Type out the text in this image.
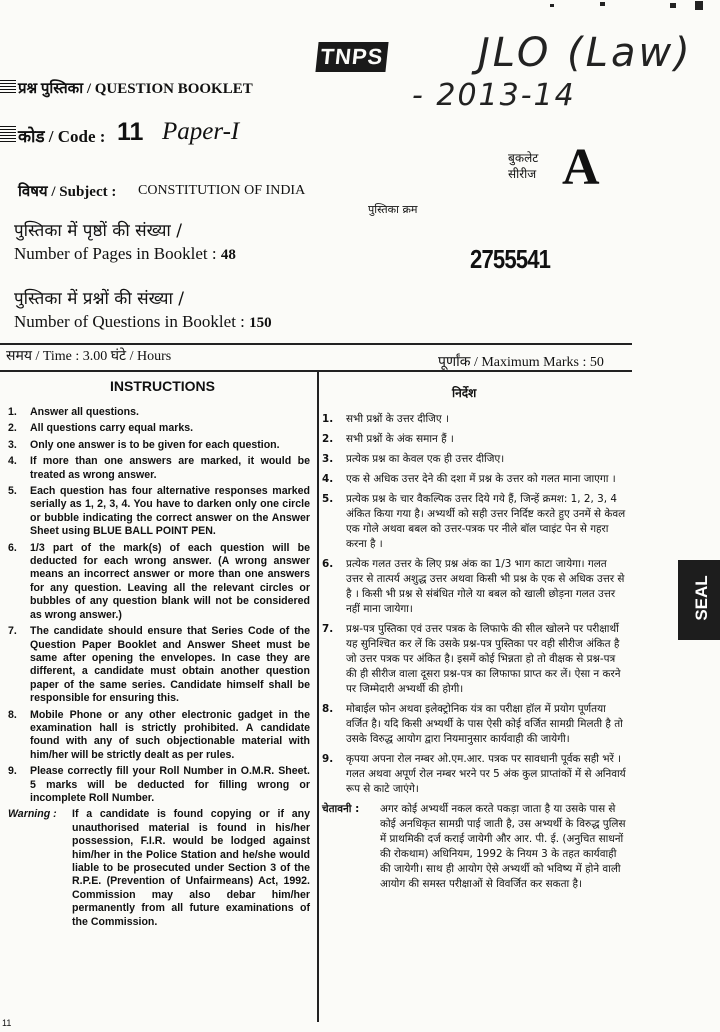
TNPS JLO (Law)
- 2013-14
प्रश्न पुस्तिका / QUESTION BOOKLET
कोड / Code : 11 Paper-I
बुकलेट सीरीज A
विषय / Subject : CONSTITUTION OF INDIA
पुस्तिका क्रम
2755541
पुस्तिका में पृष्ठों की संख्या /
Number of Pages in Booklet : 48
पुस्तिका में प्रश्नों की संख्या /
Number of Questions in Booklet : 150
समय / Time : 3.00 घंटे / Hours	पूर्णांक / Maximum Marks : 50
INSTRUCTIONS
1.	Answer all questions.
2.	All questions carry equal marks.
3.	Only one answer is to be given for each question.
4.	If more than one answers are marked, it would be treated as wrong answer.
5.	Each question has four alternative responses marked serially as 1, 2, 3, 4. You have to darken only one circle or bubble indicating the correct answer on the Answer Sheet using BLUE BALL POINT PEN.
6.	1/3 part of the mark(s) of each question will be deducted for each wrong answer. (A wrong answer means an incorrect answer or more than one answers for any question. Leaving all the relevant circles or bubbles of any question blank will not be considered as wrong answer.)
7.	The candidate should ensure that Series Code of the Question Paper Booklet and Answer Sheet must be same after opening the envelopes. In case they are different, a candidate must obtain another question paper of the same series. Candidate himself shall be responsible for ensuring this.
8.	Mobile Phone or any other electronic gadget in the examination hall is strictly prohibited. A candidate found with any of such objectionable material with him/her will be strictly dealt as per rules.
9.	Please correctly fill your Roll Number in O.M.R. Sheet. 5 marks will be deducted for filling wrong or incomplete Roll Number.
Warning :	If a candidate is found copying or if any unauthorised material is found in his/her possession, F.I.R. would be lodged against him/her in the Police Station and he/she would liable to be prosecuted under Section 3 of the R.P.E. (Prevention of Unfairmeans) Act, 1992. Commission may also debar him/her permanently from all future examinations of the Commission.
निर्देश
1.	सभी प्रश्नों के उत्तर दीजिए ।
2.	सभी प्रश्नों के अंक समान हैं ।
3.	प्रत्येक प्रश्न का केवल एक ही उत्तर दीजिए।
4.	एक से अधिक उत्तर देने की दशा में प्रश्न के उत्तर को गलत माना जाएगा ।
5.	प्रत्येक प्रश्न के चार वैकल्पिक उत्तर दिये गये हैं, जिन्हें क्रमश: 1, 2, 3, 4 अंकित किया गया है। अभ्यर्थी को सही उत्तर निर्दिष्ट करते हुए उनमें से केवल एक गोले अथवा बबल को उत्तर-पत्रक पर नीले बॉल प्वाइंट पेन से गहरा करना है ।
6.	प्रत्येक गलत उत्तर के लिए प्रश्न अंक का 1/3 भाग काटा जायेगा। गलत उत्तर से तात्पर्य अशुद्ध उत्तर अथवा किसी भी प्रश्न के एक से अधिक उत्तर से है । किसी भी प्रश्न से संबंधित गोले या बबल को खाली छोड़ना गलत उत्तर नहीं माना जायेगा।
7.	प्रश्न-पत्र पुस्तिका एवं उत्तर पत्रक के लिफाफे की सील खोलने पर परीक्षार्थी यह सुनिश्चित कर लें कि उसके प्रश्न-पत्र पुस्तिका पर वही सीरीज अंकित है जो उत्तर पत्रक पर अंकित है। इसमें कोई भिन्नता हो तो वीक्षक से प्रश्न-पत्र की ही सीरीज वाला दूसरा प्रश्न-पत्र का लिफाफा प्राप्त कर लें। ऐसा न करने पर जिम्मेदारी अभ्यर्थी की होगी।
8.	मोबाईल फोन अथवा इलेक्ट्रोनिक यंत्र का परीक्षा हॉल में प्रयोग पूर्णतया वर्जित है। यदि किसी अभ्यर्थी के पास ऐसी कोई वर्जित सामग्री मिलती है तो उसके विरुद्ध आयोग द्वारा नियमानुसार कार्यवाही की जायेगी।
9.	कृपया अपना रोल नम्बर ओ.एम.आर. पत्रक पर सावधानी पूर्वक सही भरें । गलत अथवा अपूर्ण रोल नम्बर भरने पर 5 अंक कुल प्राप्तांकों में से अनिवार्य रूप से काटे जाएंगे।
चेतावनी :	अगर कोई अभ्यर्थी नकल करते पकड़ा जाता है या उसके पास से कोई अनधिकृत सामग्री पाई जाती है, उस अभ्यर्थी के विरुद्ध पुलिस में प्राथमिकी दर्ज कराई जायेगी और आर. पी. ई. (अनुचित साधनों की रोकथाम) अधिनियम, 1992 के नियम 3 के तहत कार्यवाही की जायेगी। साथ ही आयोग ऐसे अभ्यर्थी को भविष्य में होने वाली आयोग की समस्त परीक्षाओं से विवर्जित कर सकता है।
SEAL
11
